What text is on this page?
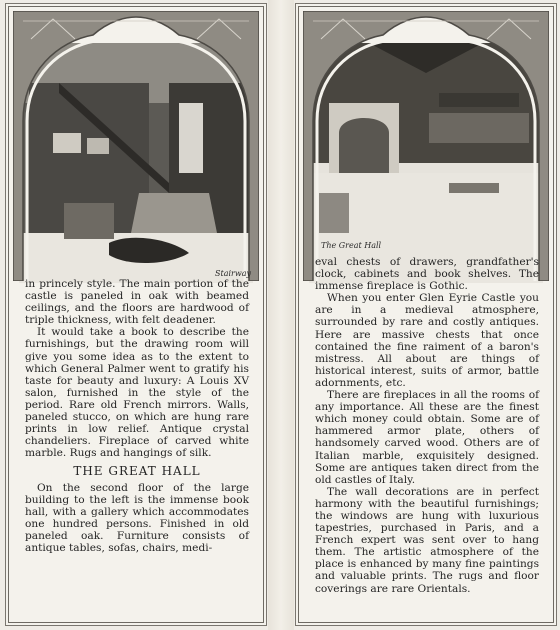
Stairway

in princely style. The main portion of the castle is paneled in oak with beamed ceilings, and the floors are hardwood of triple thickness, with felt deadener.

It would take a book to describe the furnishings, but the drawing room will give you some idea as to the extent to which General Palmer went to gratify his taste for beauty and luxury: A Louis XV salon, furnished in the style of the period. Rare old French mirrors. Walls, paneled stucco, on which are hung rare prints in low relief. Antique crystal chandeliers. Fireplace of carved white marble. Rugs and hangings of silk.

THE GREAT HALL

On the second floor of the large building to the left is the immense book hall, with a gallery which accommodates one hundred persons. Finished in old paneled oak. Furniture consists of antique tables, sofas, chairs, medi-

The Great Hall

eval chests of drawers, grandfather's clock, cabinets and book shelves. The immense fireplace is Gothic.

When you enter Glen Eyrie Castle you are in a medieval atmosphere, surrounded by rare and costly antiques. Here are massive chests that once contained the fine raiment of a baron's mistress. All about are things of historical interest, suits of armor, battle adornments, etc.

There are fireplaces in all the rooms of any importance. All these are the finest which money could obtain. Some are of hammered armor plate, others of handsomely carved wood. Others are of Italian marble, exquisitely designed. Some are antiques taken direct from the old castles of Italy.

The wall decorations are in perfect harmony with the beautiful furnishings; the windows are hung with luxurious tapestries, purchased in Paris, and a French expert was sent over to hang them. The artistic atmosphere of the place is enhanced by many fine paintings and valuable prints. The rugs and floor coverings are rare Orientals.
